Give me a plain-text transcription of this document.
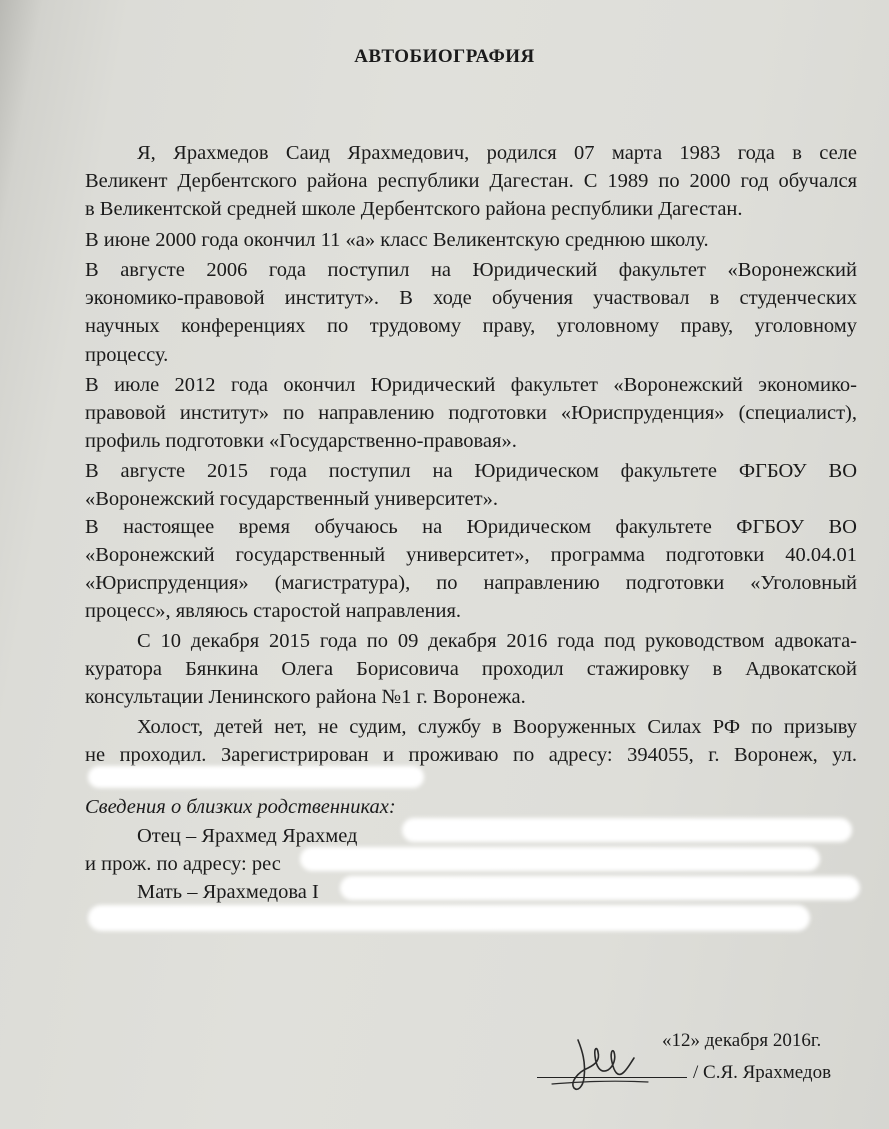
АВТОБИОГРАФИЯ
Я, Ярахмедов Саид Ярахмедович, родился 07 марта 1983 года в селе
Великент Дербентского района республики Дагестан. С 1989 по 2000 год обучался
в Великентской средней школе Дербентского района республики Дагестан.
В июне 2000 года окончил 11 «а» класс Великентскую среднюю школу.
В августе 2006 года поступил на Юридический факультет «Воронежский
экономико-правовой институт». В ходе обучения участвовал в студенческих
научных конференциях по трудовому праву, уголовному праву, уголовному
процессу.
В июле 2012 года окончил Юридический факультет «Воронежский экономико-
правовой институт» по направлению подготовки «Юриспруденция» (специалист),
профиль подготовки «Государственно-правовая».
В августе 2015 года поступил на Юридическом факультете ФГБОУ ВО
«Воронежский государственный университет».
В настоящее время обучаюсь на Юридическом факультете ФГБОУ ВО
«Воронежский государственный университет», программа подготовки 40.04.01
«Юриспруденция» (магистратура), по направлению подготовки «Уголовный
процесс», являюсь старостой направления.
С 10 декабря 2015 года по 09 декабря 2016 года под руководством адвоката-
куратора Бянкина Олега Борисовича проходил стажировку в Адвокатской
консультации Ленинского района №1 г. Воронежа.
Холост, детей нет, не судим, службу в Вооруженных Силах РФ по призыву
не проходил. Зарегистрирован и проживаю по адресу: 394055, г. Воронеж, ул.
Сведения о близких родственниках:
Отец – Ярахмед Ярахмед
и прож. по адресу: рес
Мать – Ярахмедова I
«12» декабря 2016г.
/ С.Я. Ярахмедов
